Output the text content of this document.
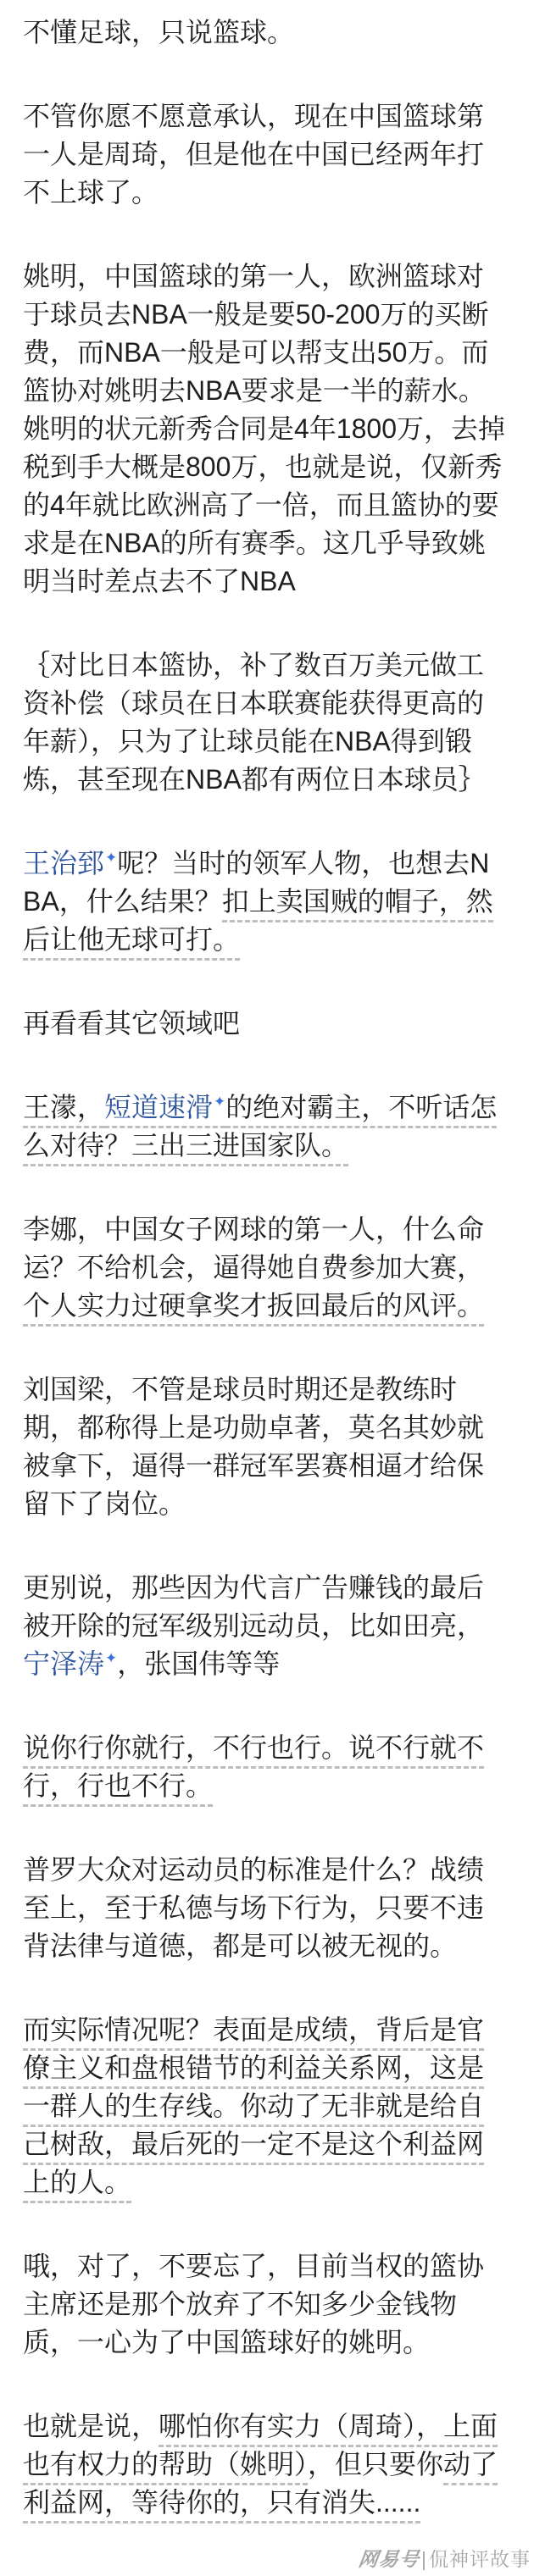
不懂足球，只说篮球。

不管你愿不愿意承认，现在中国篮球第一人是周琦，但是他在中国已经两年打不上球了。

姚明，中国篮球的第一人，欧洲篮球对于球员去NBA一般是要50-200万的买断费，而NBA一般是可以帮支出50万。而篮协对姚明去NBA要求是一半的薪水。姚明的状元新秀合同是4年1800万，去掉税到手大概是800万，也就是说，仅新秀的4年就比欧洲高了一倍，而且篮协的要求是在NBA的所有赛季。这几乎导致姚明当时差点去不了NBA

｛对比日本篮协，补了数百万美元做工资补偿（球员在日本联赛能获得更高的年薪），只为了让球员能在NBA得到锻炼，甚至现在NBA都有两位日本球员｝

王治郅✦呢？当时的领军人物，也想去NBA，什么结果？扣上卖国贼的帽子，然后让他无球可打。

再看看其它领域吧

王濛，短道速滑✦的绝对霸主，不听话怎么对待？三出三进国家队。

李娜，中国女子网球的第一人，什么命运？不给机会，逼得她自费参加大赛，个人实力过硬拿奖才扳回最后的风评。

刘国梁，不管是球员时期还是教练时期，都称得上是功勋卓著，莫名其妙就被拿下，逼得一群冠军罢赛相逼才给保留下了岗位。

更别说，那些因为代言广告赚钱的最后被开除的冠军级别远动员，比如田亮，宁泽涛✦，张国伟等等

说你行你就行，不行也行。说不行就不行，行也不行。

普罗大众对运动员的标准是什么？战绩至上，至于私德与场下行为，只要不违背法律与道德，都是可以被无视的。

而实际情况呢？表面是成绩，背后是官僚主义和盘根错节的利益关系网，这是一群人的生存线。你动了无非就是给自己树敌，最后死的一定不是这个利益网上的人。

哦，对了，不要忘了，目前当权的篮协主席还是那个放弃了不知多少金钱物质，一心为了中国篮球好的姚明。

也就是说，哪怕你有实力（周琦），上面也有权力的帮助（姚明），但只要你动了利益网，等待你的，只有消失......

网易号|侃神评故事
